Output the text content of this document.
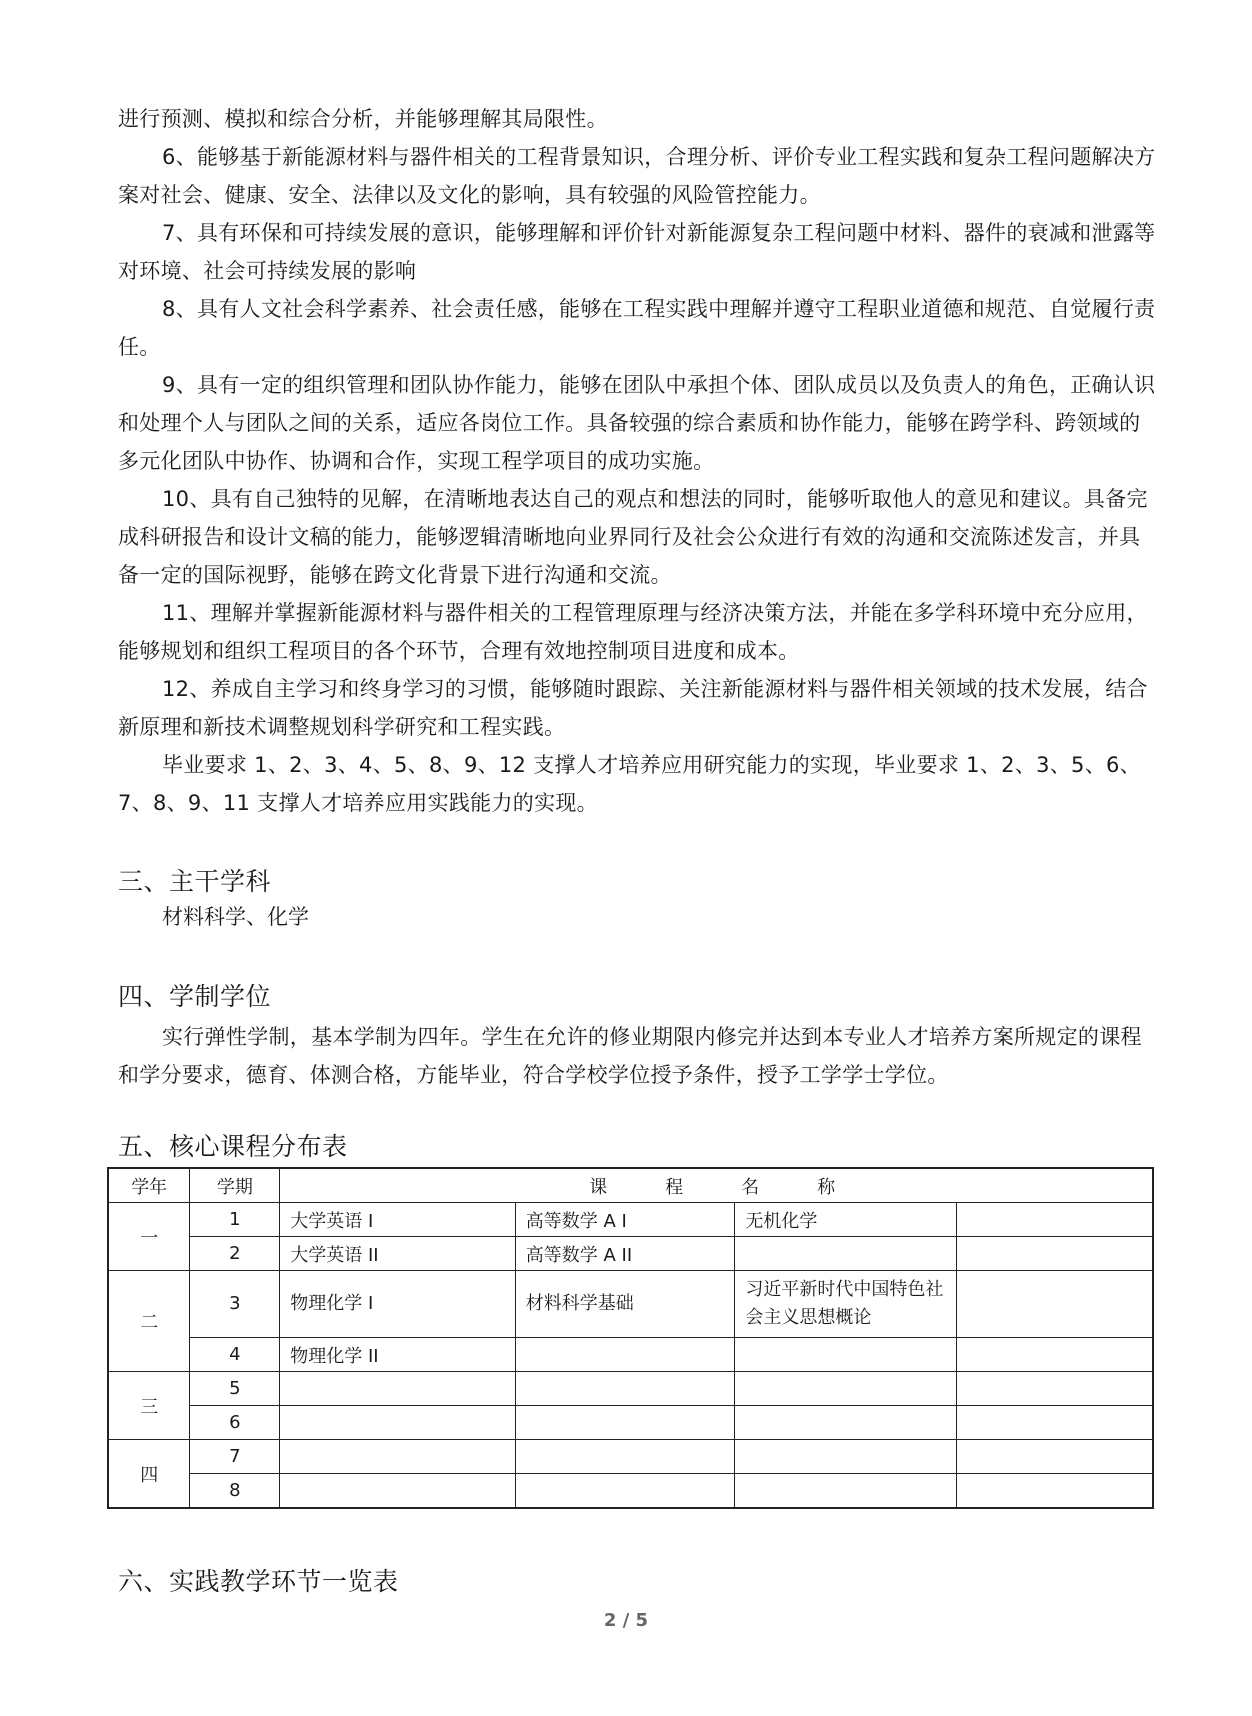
进行预测、模拟和综合分析，并能够理解其局限性。
6、能够基于新能源材料与器件相关的工程背景知识，合理分析、评价专业工程实践和复杂工程问题解决方案对社会、健康、安全、法律以及文化的影响，具有较强的风险管控能力。
7、具有环保和可持续发展的意识，能够理解和评价针对新能源复杂工程问题中材料、器件的衰减和泄露等对环境、社会可持续发展的影响
8、具有人文社会科学素养、社会责任感，能够在工程实践中理解并遵守工程职业道德和规范、自觉履行责任。
9、具有一定的组织管理和团队协作能力，能够在团队中承担个体、团队成员以及负责人的角色，正确认识和处理个人与团队之间的关系，适应各岗位工作。具备较强的综合素质和协作能力，能够在跨学科、跨领域的多元化团队中协作、协调和合作，实现工程学项目的成功实施。
10、具有自己独特的见解，在清晰地表达自己的观点和想法的同时，能够听取他人的意见和建议。具备完成科研报告和设计文稿的能力，能够逻辑清晰地向业界同行及社会公众进行有效的沟通和交流陈述发言，并具备一定的国际视野，能够在跨文化背景下进行沟通和交流。
11、理解并掌握新能源材料与器件相关的工程管理原理与经济决策方法，并能在多学科环境中充分应用，能够规划和组织工程项目的各个环节，合理有效地控制项目进度和成本。
12、养成自主学习和终身学习的习惯，能够随时跟踪、关注新能源材料与器件相关领域的技术发展，结合新原理和新技术调整规划科学研究和工程实践。
毕业要求 1、2、3、4、5、8、9、12 支撑人才培养应用研究能力的实现，毕业要求 1、2、3、5、6、7、8、9、11 支撑人才培养应用实践能力的实现。
三、主干学科
材料科学、化学
四、学制学位
实行弹性学制，基本学制为四年。学生在允许的修业期限内修完并达到本专业人才培养方案所规定的课程和学分要求，德育、体测合格，方能毕业，符合学校学位授予条件，授予工学学士学位。
五、核心课程分布表
学年	学期	课程名称			
一	1	大学英语 I	高等数学 A I	无机化学	
	2	大学英语 II	高等数学 A II		
二	3	物理化学 I	材料科学基础	习近平新时代中国特色社会主义思想概论	
	4	物理化学 II			
三	5				
	6				
四	7				
	8				
六、实践教学环节一览表
2 / 5
